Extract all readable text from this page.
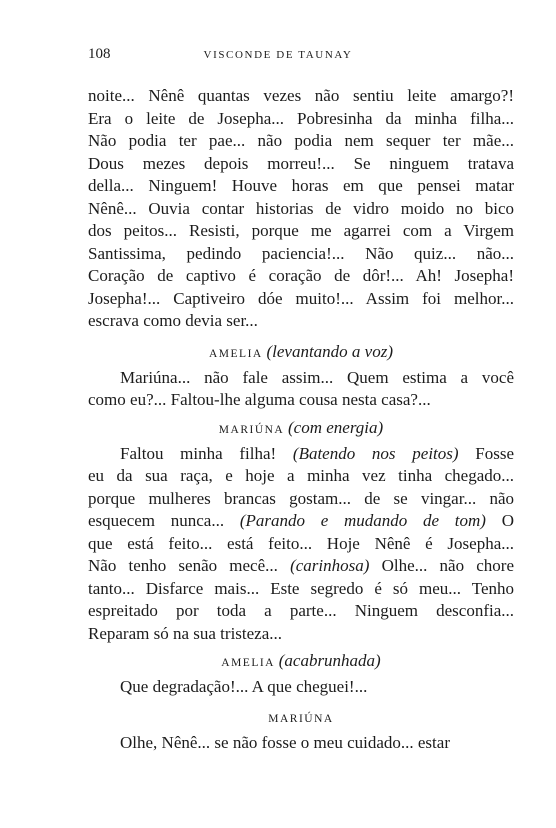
108	VISCONDE DE TAUNAY
noite... Nênê quantas vezes não sentiu leite amargo?!
Era o leite de Josepha... Pobresinha da minha filha...
Não podia ter pae... não podia nem sequer ter mãe...
Dous mezes depois morreu!... Se ninguem tratava
della... Ninguem! Houve horas em que pensei matar
Nênê... Ouvia contar historias de vidro moido no bico
dos peitos... Resisti, porque me agarrei com a Virgem
Santissima, pedindo paciencia!... Não quiz... não...
Coração de captivo é coração de dôr!... Ah! Josepha!
Josepha!... Captiveiro dóe muito!... Assim foi melhor...
escrava como devia ser...
AMELIA (levantando a voz)
Mariúna... não fale assim... Quem estima a você
como eu?... Faltou-lhe alguma cousa nesta casa?...
MARIÚNA (com energia)
Faltou minha filha! (Batendo nos peitos) Fosse
eu da sua raça, e hoje a minha vez tinha chegado...
porque mulheres brancas gostam... de se vingar... não
esquecem nunca... (Parando e mudando de tom) O
que está feito... está feito... Hoje Nênê é Josepha...
Não tenho senão mecê... (carinhosa) Olhe... não chore
tanto... Disfarce mais... Este segredo é só meu... Tenho
espreitado por toda a parte... Ninguem desconfia...
Reparam só na sua tristeza...
AMELIA (acabrunhada)
Que degradação!... A que cheguei!...
MARIÚNA
Olhe, Nênê... se não fosse o meu cuidado... estar
